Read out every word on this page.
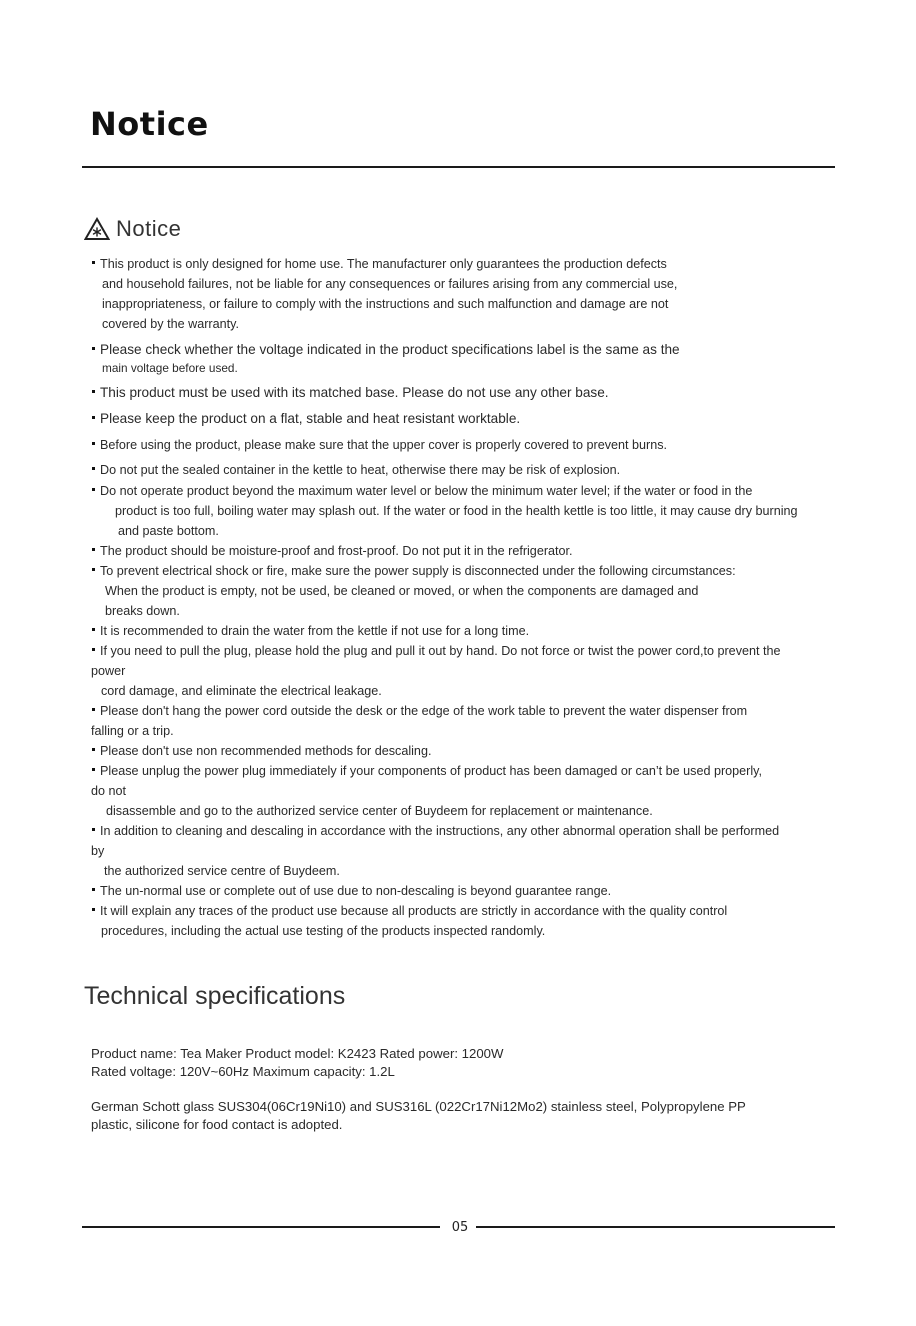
Notice
Notice
This product is only designed for home use. The manufacturer only guarantees the production defects
and household failures, not be liable for any consequences or failures arising from any commercial use,
inappropriateness, or failure to comply with the instructions and such malfunction and damage are not
covered by the warranty.
Please check whether the voltage indicated in the product specifications label is the same as the
main voltage before used.
This product must be used with its matched base. Please do not use any other base.
Please keep the product on a flat, stable and heat resistant worktable.
Before using the product, please make sure that the upper cover is properly covered to prevent burns.
Do not put the sealed container in the kettle to heat, otherwise there may be risk of explosion.
Do not operate product beyond the maximum water level or below the minimum water level; if the water or food in the
product is too full, boiling water may splash out. If the water or food in the health kettle is too little, it may cause dry burning
and paste bottom.
The product should be moisture-proof and frost-proof. Do not put it in the refrigerator.
To prevent electrical shock or fire, make sure the power supply is disconnected under the following circumstances:
When the product is empty, not be used, be cleaned or moved, or when the components are damaged and
breaks down.
It is recommended to drain the water from the kettle if not use for a long time.
If you need to pull the plug, please hold the plug and pull it out by hand. Do not force or twist the power cord,to prevent the
power
cord damage, and eliminate the electrical leakage.
Please don't hang the power cord outside the desk or the edge of the work table to prevent the water dispenser from
falling or a trip.
Please don't use non recommended methods for descaling.
Please unplug the power plug immediately if your components of product has been damaged or can’t be used properly,
do not
disassemble and go to the authorized service center of Buydeem for replacement or maintenance.
In addition to cleaning and descaling in accordance with the instructions, any other abnormal operation shall be performed
by
the authorized service centre of Buydeem.
The un-normal use or complete out of use due to non-descaling is beyond guarantee range.
It will explain any traces of the product use because all products are strictly in accordance with the quality control
procedures, including the actual use testing of the products inspected randomly.
Technical specifications
Product name: Tea Maker Product model: K2423 Rated power: 1200W
Rated voltage: 120V~60Hz Maximum capacity: 1.2L
German Schott glass SUS304(06Cr19Ni10) and SUS316L (022Cr17Ni12Mo2) stainless steel, Polypropylene PP
plastic, silicone for food contact is adopted.
05
